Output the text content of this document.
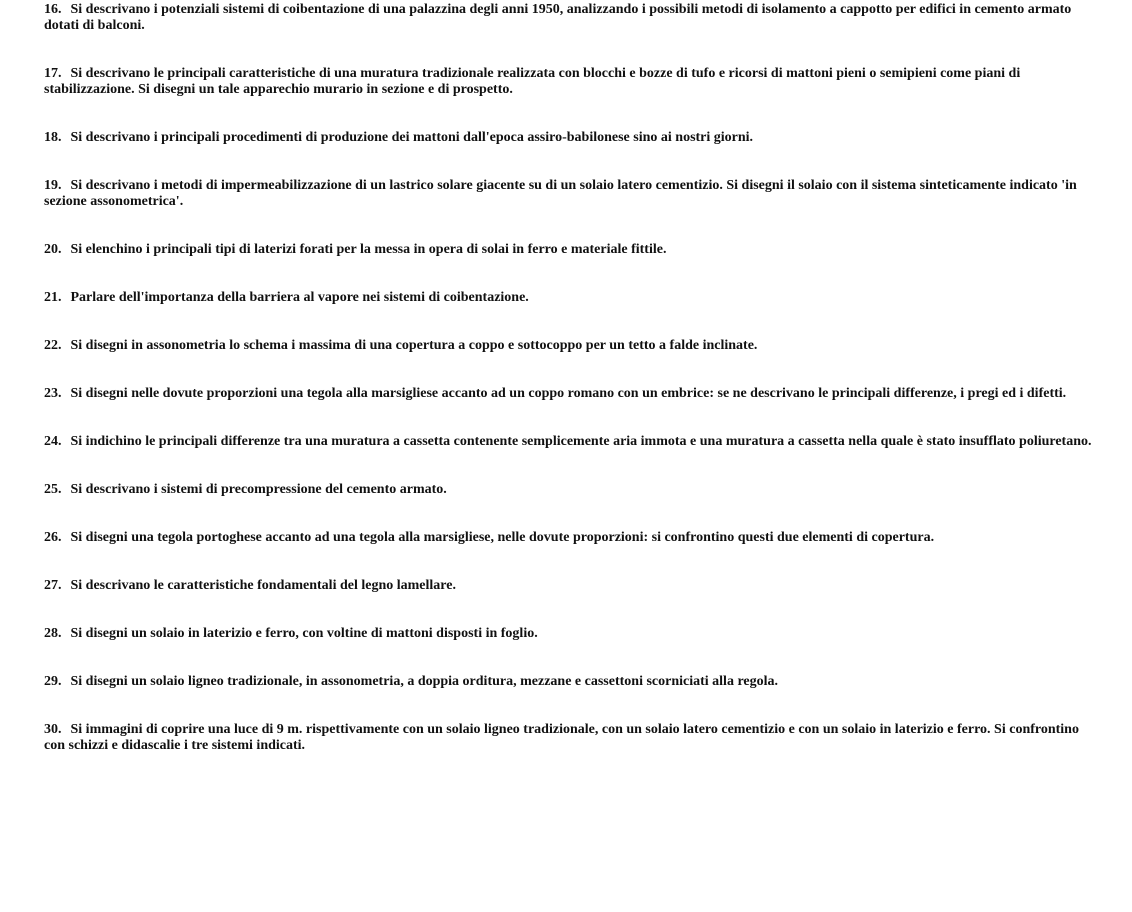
16. Si descrivano i potenziali sistemi di coibentazione di una palazzina degli anni 1950, analizzando i possibili metodi di isolamento a cappotto per edifici in cemento armato dotati di balconi.

17. Si descrivano le principali caratteristiche di una muratura tradizionale realizzata con blocchi e bozze di tufo e ricorsi di mattoni pieni o semipieni come piani di stabilizzazione. Si disegni un tale apparechio murario in sezione e di prospetto.

18. Si descrivano i principali procedimenti di produzione dei mattoni dall'epoca assiro-babilonese sino ai nostri giorni.

19. Si descrivano i metodi di impermeabilizzazione di un lastrico solare giacente su di un solaio latero cementizio. Si disegni il solaio con il sistema sinteticamente indicato 'in sezione assonometrica'.

20. Si elenchino i principali tipi di laterizi forati per la messa in opera di solai in ferro e materiale fittile.

21. Parlare dell'importanza della barriera al vapore nei sistemi di coibentazione.

22. Si disegni in assonometria lo schema i massima di una copertura a coppo e sottocoppo per un tetto a falde inclinate.

23. Si disegni nelle dovute proporzioni una tegola alla marsigliese accanto ad un coppo romano con un embrice: se ne descrivano le principali differenze, i pregi ed i difetti.

24. Si indichino le principali differenze tra una muratura a cassetta contenente semplicemente aria immota e una muratura a cassetta nella quale è stato insufflato poliuretano.

25. Si descrivano i sistemi di precompressione del cemento armato.

26. Si disegni una tegola portoghese accanto ad una tegola alla marsigliese, nelle dovute proporzioni: si confrontino questi due elementi di copertura.

27. Si descrivano le caratteristiche fondamentali del legno lamellare.

28. Si disegni un solaio in laterizio e ferro, con voltine di mattoni disposti in foglio.

29. Si disegni un solaio ligneo tradizionale, in assonometria, a doppia orditura, mezzane e cassettoni scorniciati alla regola.

30. Si immagini di coprire una luce di 9 m. rispettivamente con un solaio ligneo tradizionale, con un solaio latero cementizio e con un solaio in laterizio e ferro. Si confrontino con schizzi e didascalie i tre sistemi indicati.
